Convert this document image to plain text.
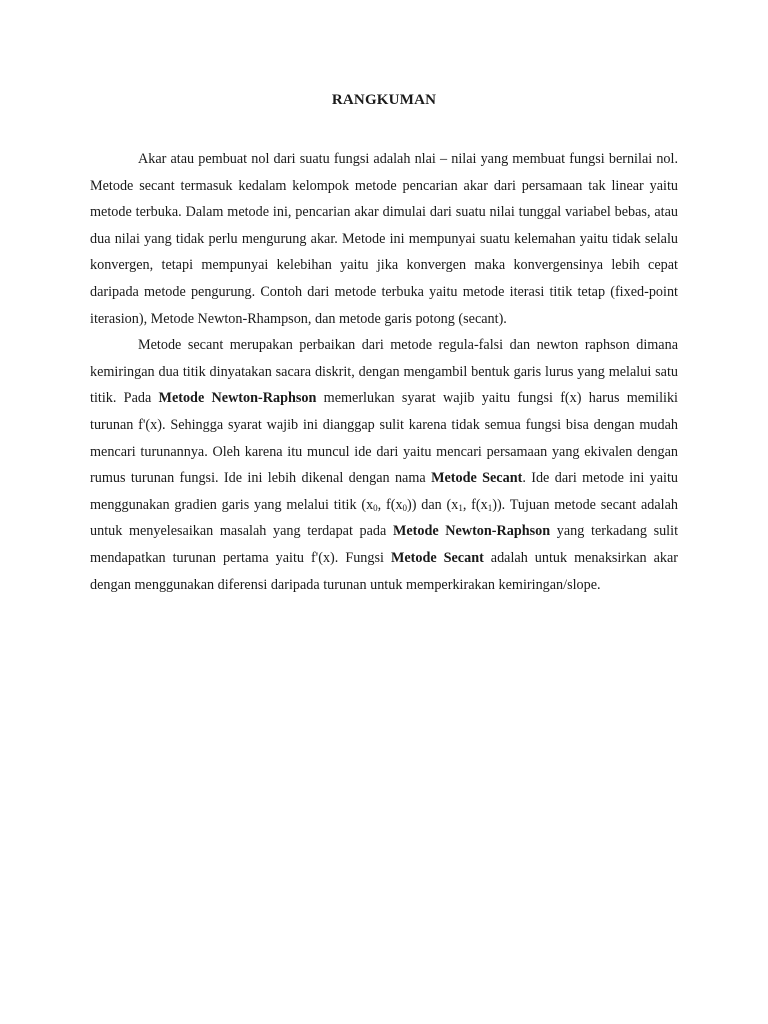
RANGKUMAN

Akar atau pembuat nol dari suatu fungsi adalah nlai – nilai yang membuat fungsi bernilai nol. Metode secant termasuk kedalam kelompok metode pencarian akar dari persamaan tak linear yaitu metode terbuka. Dalam metode ini, pencarian akar dimulai dari suatu nilai tunggal variabel bebas, atau dua nilai yang tidak perlu mengurung akar. Metode ini mempunyai suatu kelemahan yaitu tidak selalu konvergen, tetapi mempunyai kelebihan yaitu jika konvergen maka konvergensinya lebih cepat daripada metode pengurung. Contoh dari metode terbuka yaitu metode iterasi titik tetap (fixed-point iterasion), Metode Newton-Rhampson, dan metode garis potong (secant).

Metode secant merupakan perbaikan dari metode regula-falsi dan newton raphson dimana kemiringan dua titik dinyatakan sacara diskrit, dengan mengambil bentuk garis lurus yang melalui satu titik. Pada Metode Newton-Raphson memerlukan syarat wajib yaitu fungsi f(x) harus memiliki turunan f'(x). Sehingga syarat wajib ini dianggap sulit karena tidak semua fungsi bisa dengan mudah mencari turunannya. Oleh karena itu muncul ide dari yaitu mencari persamaan yang ekivalen dengan rumus turunan fungsi. Ide ini lebih dikenal dengan nama Metode Secant. Ide dari metode ini yaitu menggunakan gradien garis yang melalui titik ($x_0$, $f(x_0)$) dan ($x_1$, $f(x_1)$). Tujuan metode secant adalah untuk menyelesaikan masalah yang terdapat pada Metode Newton-Raphson yang terkadang sulit mendapatkan turunan pertama yaitu f'(x). Fungsi Metode Secant adalah untuk menaksirkan akar dengan menggunakan diferensi daripada turunan untuk memperkirakan kemiringan/slope.
